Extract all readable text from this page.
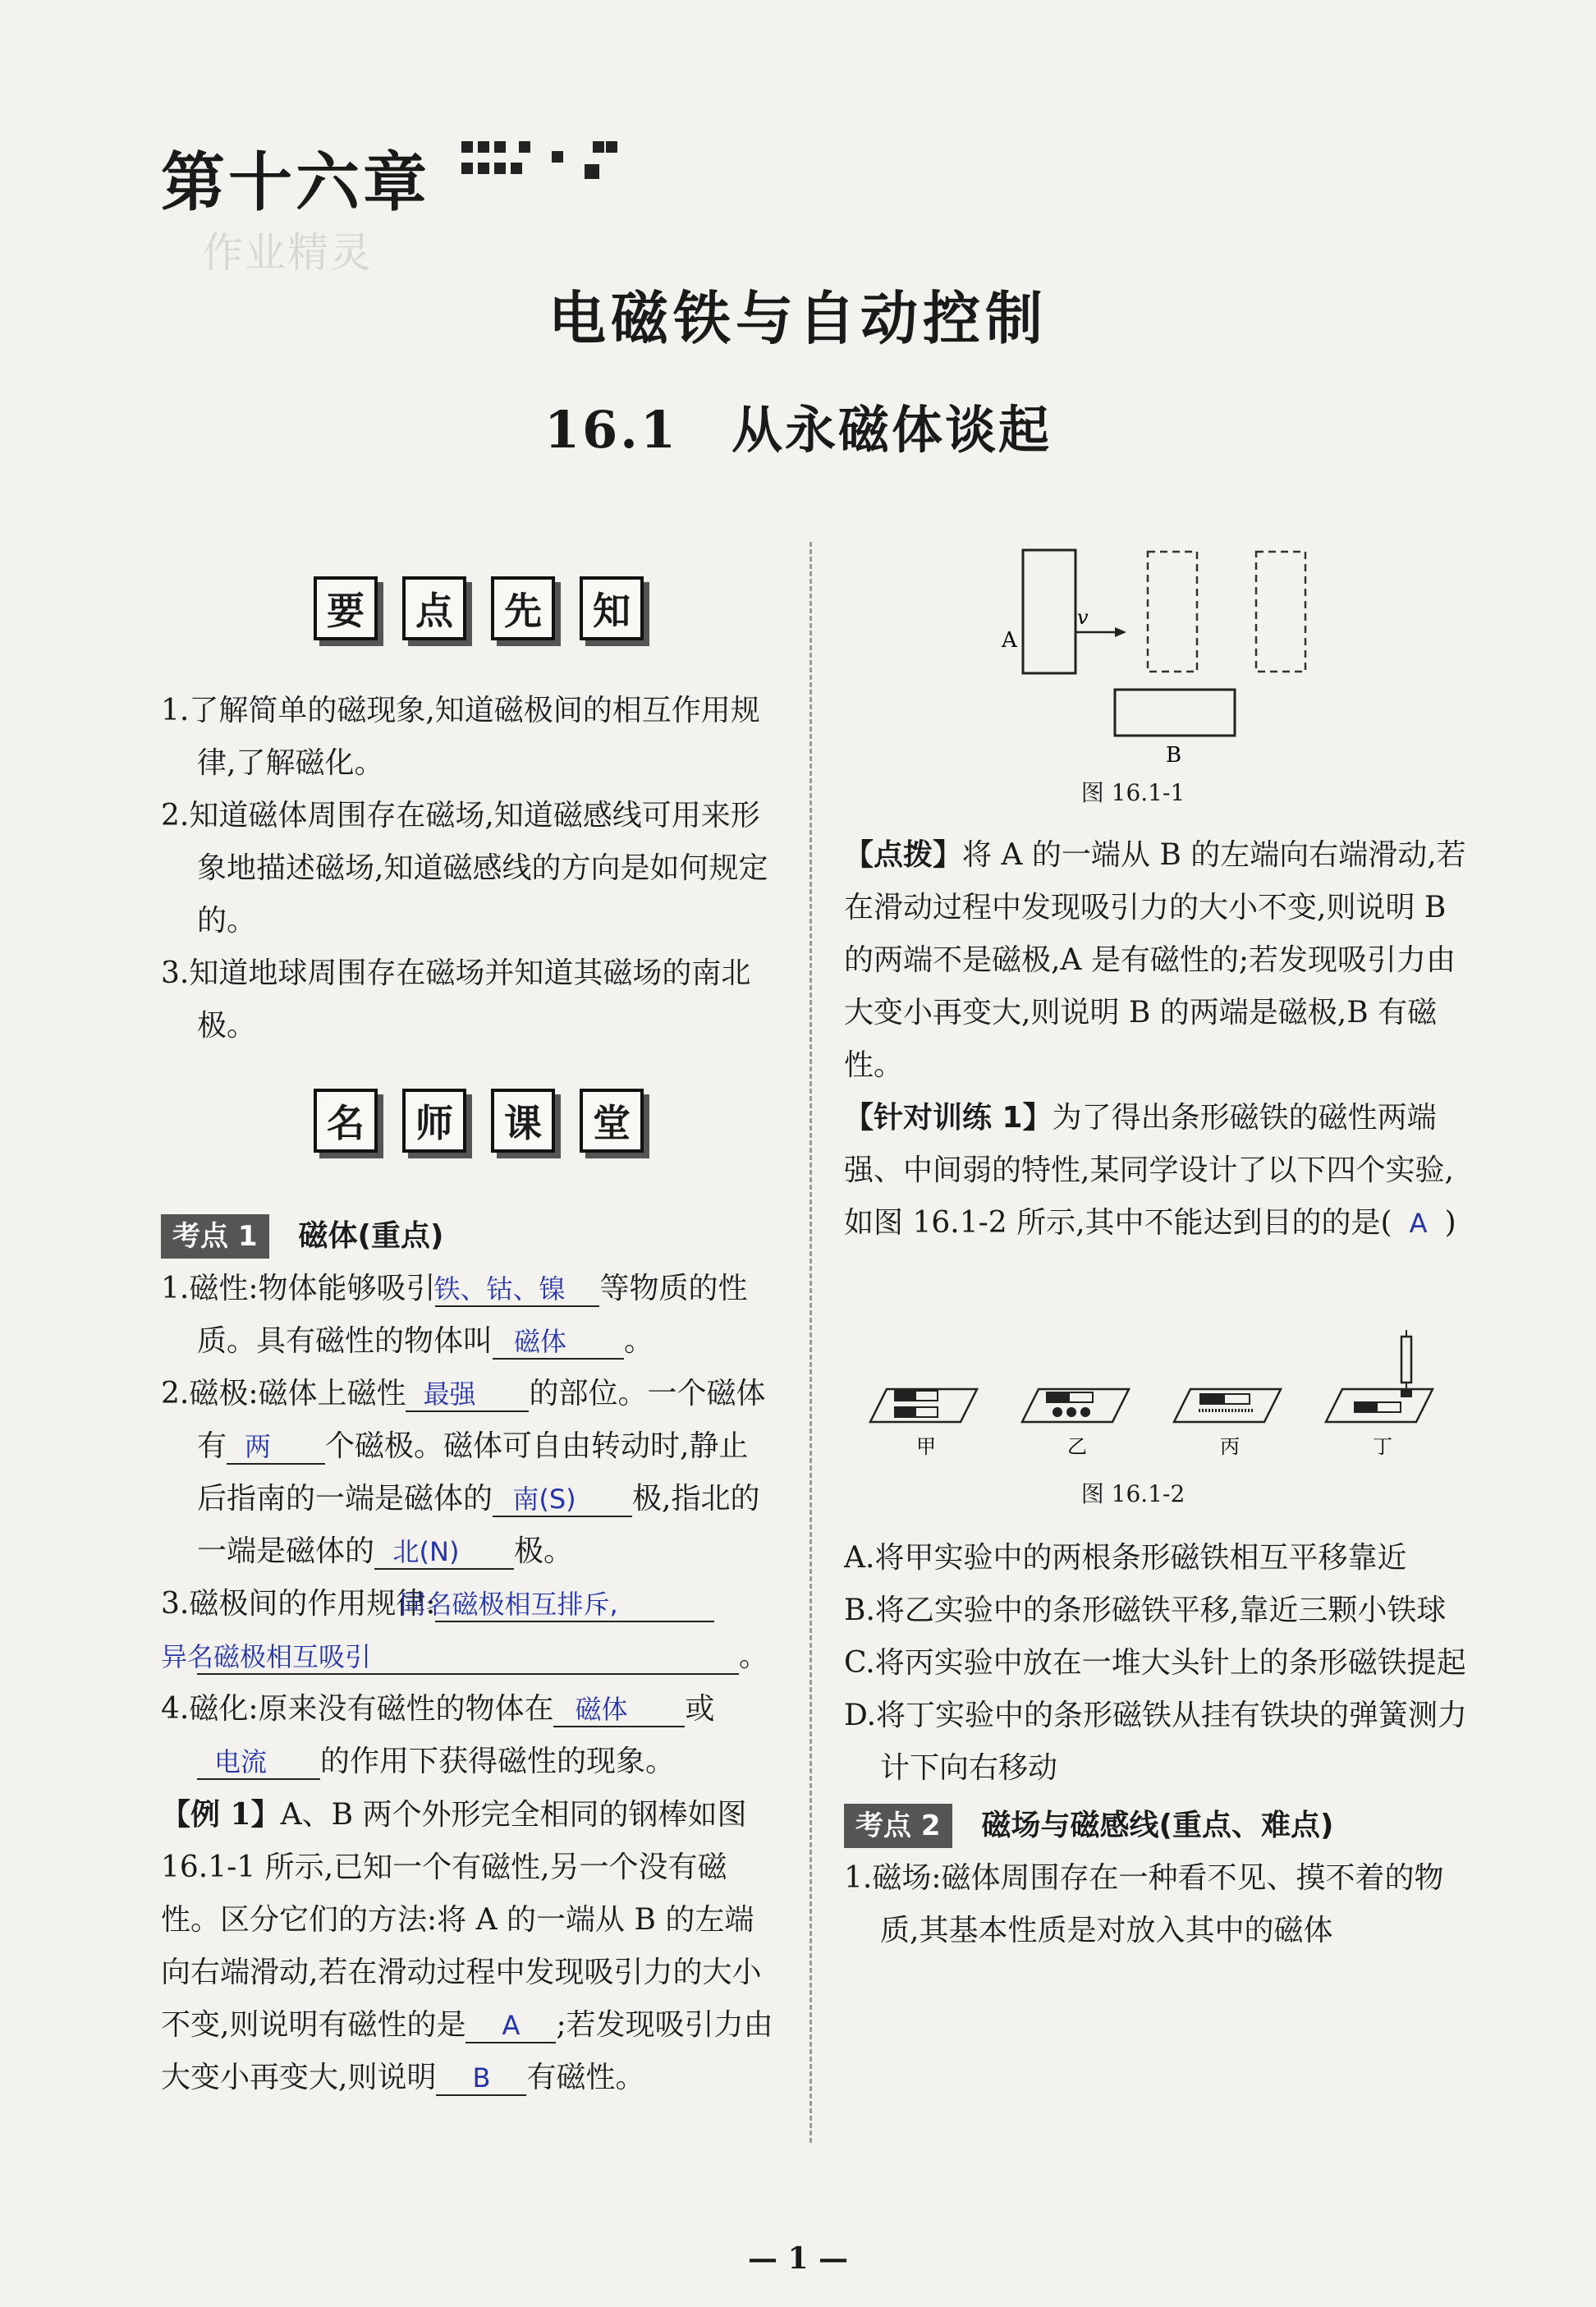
第十六章
作业精灵
电磁铁与自动控制
16.1　从永磁体谈起
要	点	先	知

1.了解简单的磁现象,知道磁极间的相互作用规律,了解磁化。

2.知道磁体周围存在磁场,知道磁感线可用来形象地描述磁场,知道磁感线的方向是如何规定的。

3.知道地球周围存在磁场并知道其磁场的南北极。

名	师	课	堂

考点 1 磁体(重点)

1.磁性:物体能够吸引铁、钴、镍 等物质的性质。具有磁性的物体叫 磁体 。

2.磁极:磁体上磁性 最强 的部位。一个磁体有 两 个磁极。磁体可自由转动时,静止后指南的一端是磁体的 南(S) 极,指北的一端是磁体的 北(N) 极。

3.磁极间的作用规律:同名磁极相互排斥,异名磁极相互吸引	。

4.磁化:原来没有磁性的物体在 磁体 或 电流 的作用下获得磁性的现象。

【例 1】A、B 两个外形完全相同的钢棒如图 16.1-1 所示,已知一个有磁性,另一个没有磁性。区分它们的方法:将 A 的一端从 B 的左端向右端滑动,若在滑动过程中发现吸引力的大小不变,则说明有磁性的是 A ;若发现吸引力由大变小再变大,则说明 B 有磁性。

A
v
B
图 16.1-1

【点拨】将 A 的一端从 B 的左端向右端滑动,若在滑动过程中发现吸引力的大小不变,则说明 B 的两端不是磁极,A 是有磁性的;若发现吸引力由大变小再变大,则说明 B 的两端是磁极,B 有磁性。

【针对训练 1】为了得出条形磁铁的磁性两端强、中间弱的特性,某同学设计了以下四个实验,如图 16.1-2 所示,其中不能达到目的的是( A )

甲	乙	丙	丁
图 16.1-2

A.将甲实验中的两根条形磁铁相互平移靠近

B.将乙实验中的条形磁铁平移,靠近三颗小铁球

C.将丙实验中放在一堆大头针上的条形磁铁提起

D.将丁实验中的条形磁铁从挂有铁块的弹簧测力计下向右移动

考点 2 磁场与磁感线(重点、难点)

1.磁场:磁体周围存在一种看不见、摸不着的物质,其基本性质是对放入其中的磁体

— 1 —
